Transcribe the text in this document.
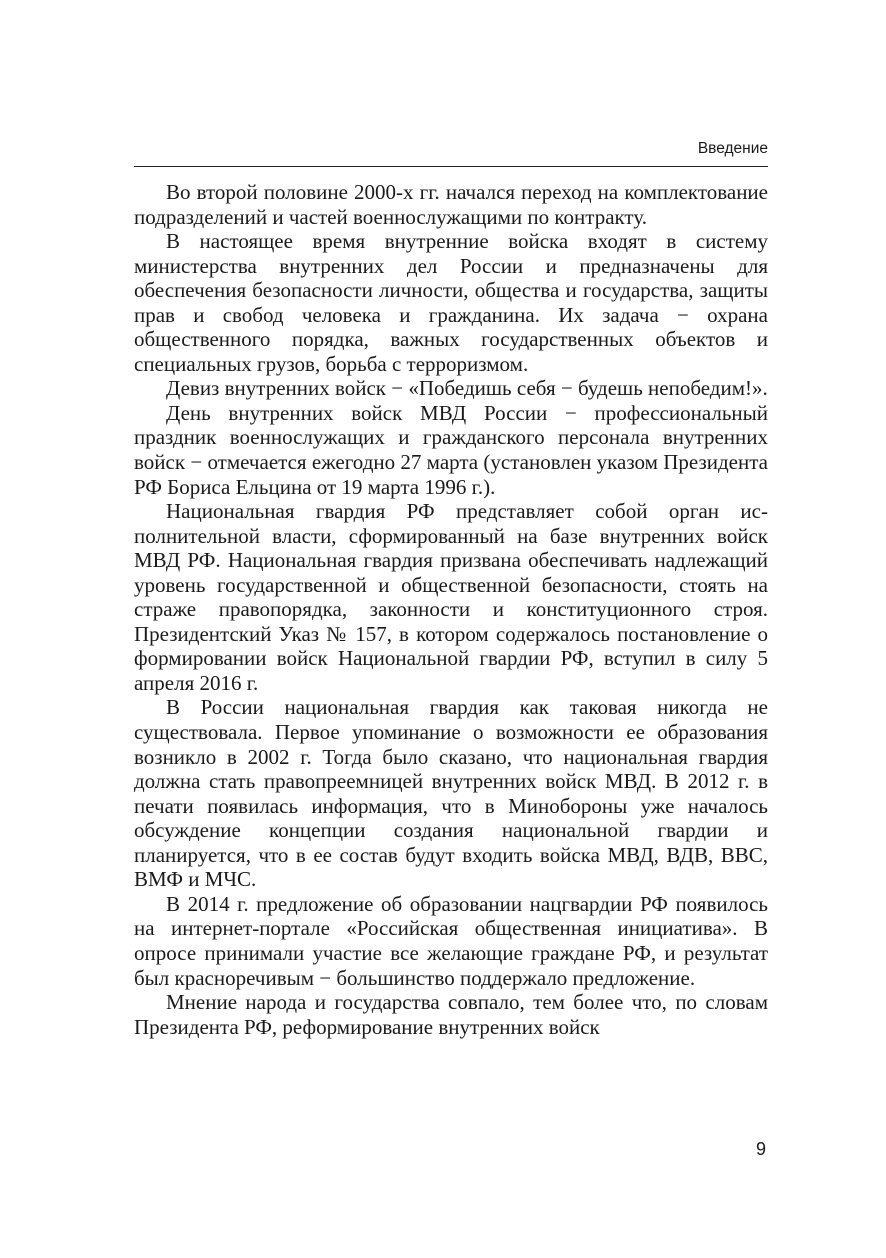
Введение

Во второй половине 2000-х гг. начался переход на комплектование подразделений и частей военнослужащими по контракту.

В настоящее время внутренние войска входят в систему министерства внутренних дел России и предназначены для обеспечения безопасности личности, общества и государства, защиты прав и свобод человека и гражданина. Их задача − охрана общественного порядка, важных государственных объектов и специальных грузов, борьба с терроризмом.

Девиз внутренних войск − «Победишь себя − будешь непобедим!».

День внутренних войск МВД России − профессиональный праздник военнослужащих и гражданского персонала внутренних войск − отмечается ежегодно 27 марта (установлен указом Президента РФ Бориса Ельцина от 19 марта 1996 г.).

Национальная гвардия РФ представляет собой орган исполнительной власти, сформированный на базе внутренних войск МВД РФ. Национальная гвардия призвана обеспечивать надлежащий уровень государственной и общественной безопасности, стоять на страже правопорядка, законности и конституционного строя. Президентский Указ № 157, в котором содержалось постановление о формировании войск Национальной гвардии РФ, вступил в силу 5 апреля 2016 г.

В России национальная гвардия как таковая никогда не существовала. Первое упоминание о возможности ее образования возникло в 2002 г. Тогда было сказано, что национальная гвардия должна стать правопреемницей внутренних войск МВД. В 2012 г. в печати появилась информация, что в Минобороны уже началось обсуждение концепции создания национальной гвардии и планируется, что в ее состав будут входить войска МВД, ВДВ, ВВС, ВМФ и МЧС.

В 2014 г. предложение об образовании нацгвардии РФ появилось на интернет-портале «Российская общественная инициатива». В опросе принимали участие все желающие граждане РФ, и результат был красноречивым − большинство поддержало предложение.

Мнение народа и государства совпало, тем более что, по словам Президента РФ, реформирование внутренних войск

9
